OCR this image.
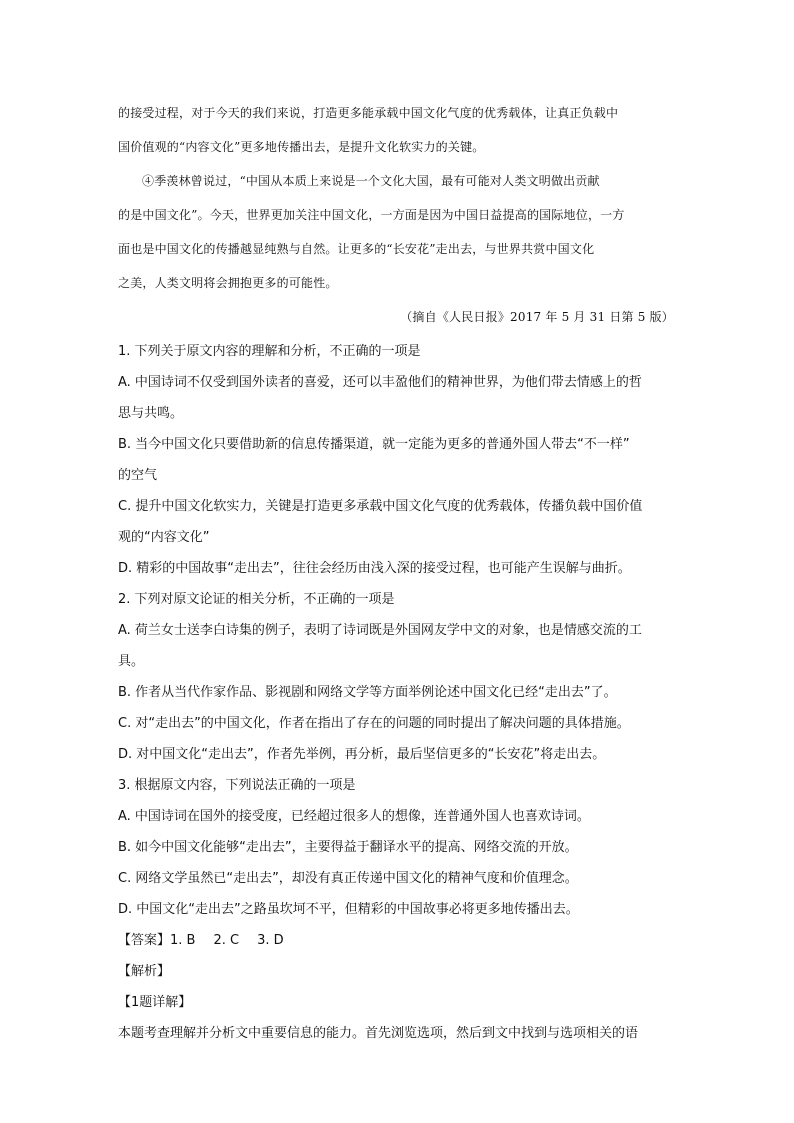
的接受过程，对于今天的我们来说，打造更多能承载中国文化气度的优秀载体，让真正负载中
国价值观的“内容文化”更多地传播出去，是提升文化软实力的关键。

④季羡林曾说过，“中国从本质上来说是一个文化大国，最有可能对人类文明做出贡献
的是中国文化”。今天，世界更加关注中国文化，一方面是因为中国日益提高的国际地位，一方
面也是中国文化的传播越显纯熟与自然。让更多的“长安花”走出去，与世界共赏中国文化
之美，人类文明将会拥抱更多的可能性。

（摘自《人民日报》2017 年 5 月 31 日第 5 版）

1. 下列关于原文内容的理解和分析，不正确的一项是

A. 中国诗词不仅受到国外读者的喜爱，还可以丰盈他们的精神世界，为他们带去情感上的哲
思与共鸣。

B. 当今中国文化只要借助新的信息传播渠道，就一定能为更多的普通外国人带去“不一样”
的空气

C. 提升中国文化软实力，关键是打造更多承载中国文化气度的优秀载体，传播负载中国价值
观的“内容文化”

D. 精彩的中国故事“走出去”，往往会经历由浅入深的接受过程，也可能产生误解与曲折。

2. 下列对原文论证的相关分析，不正确的一项是

A. 荷兰女士送李白诗集的例子，表明了诗词既是外国网友学中文的对象，也是情感交流的工
具。

B. 作者从当代作家作品、影视剧和网络文学等方面举例论述中国文化已经“走出去”了。

C. 对“走出去”的中国文化，作者在指出了存在的问题的同时提出了解决问题的具体措施。

D. 对中国文化“走出去”，作者先举例，再分析，最后坚信更多的“长安花”将走出去。

3. 根据原文内容，下列说法正确的一项是

A. 中国诗词在国外的接受度，已经超过很多人的想像，连普通外国人也喜欢诗词。

B. 如今中国文化能够“走出去”，主要得益于翻译水平的提高、网络交流的开放。

C. 网络文学虽然已“走出去”，却没有真正传递中国文化的精神气度和价值理念。

D. 中国文化“走出去”之路虽坎坷不平，但精彩的中国故事必将更多地传播出去。

【答案】1. B 2. C 3. D

【解析】

【1题详解】

本题考查理解并分析文中重要信息的能力。首先浏览选项，然后到文中找到与选项相关的语
